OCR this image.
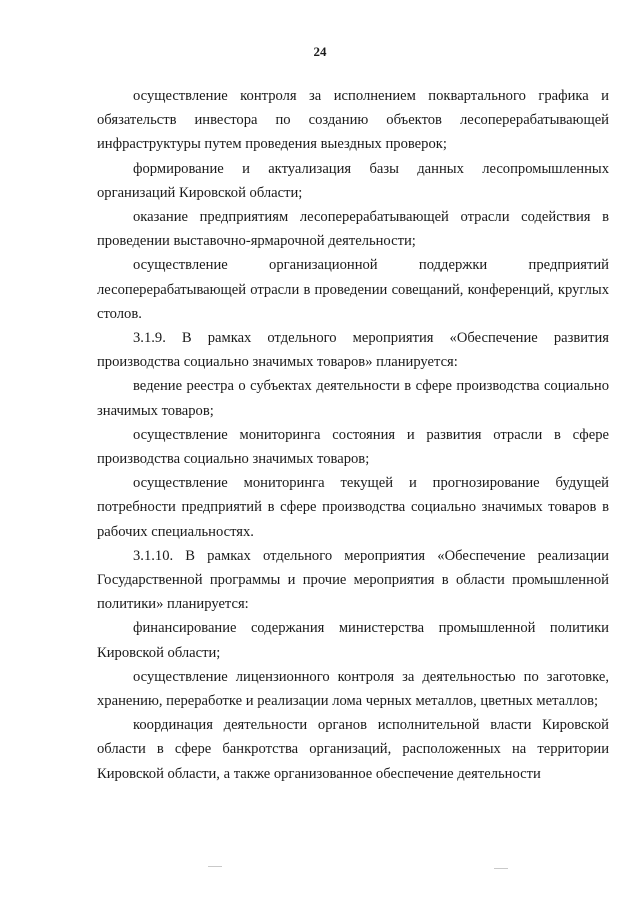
24

осуществление контроля за исполнением поквартального графика и обязательств инвестора по созданию объектов лесоперерабатывающей инфраструктуры путем проведения выездных проверок;

формирование и актуализация базы данных лесопромышленных организаций Кировской области;

оказание предприятиям лесоперерабатывающей отрасли содействия в проведении выставочно-ярмарочной деятельности;

осуществление организационной поддержки предприятий лесоперерабатывающей отрасли в проведении совещаний, конференций, круглых столов.

3.1.9. В рамках отдельного мероприятия «Обеспечение развития производства социально значимых товаров» планируется:

ведение реестра о субъектах деятельности в сфере производства социально значимых товаров;

осуществление мониторинга состояния и развития отрасли в сфере производства социально значимых товаров;

осуществление мониторинга текущей и прогнозирование будущей потребности предприятий в сфере производства социально значимых товаров в рабочих специальностях.

3.1.10. В рамках отдельного мероприятия «Обеспечение реализации Государственной программы и прочие мероприятия в области промышленной политики» планируется:

финансирование содержания министерства промышленной политики Кировской области;

осуществление лицензионного контроля за деятельностью по заготовке, хранению, переработке и реализации лома черных металлов, цветных металлов;

координация деятельности органов исполнительной власти Кировской области в сфере банкротства организаций, расположенных на территории Кировской области, а также организованное обеспечение деятельности
